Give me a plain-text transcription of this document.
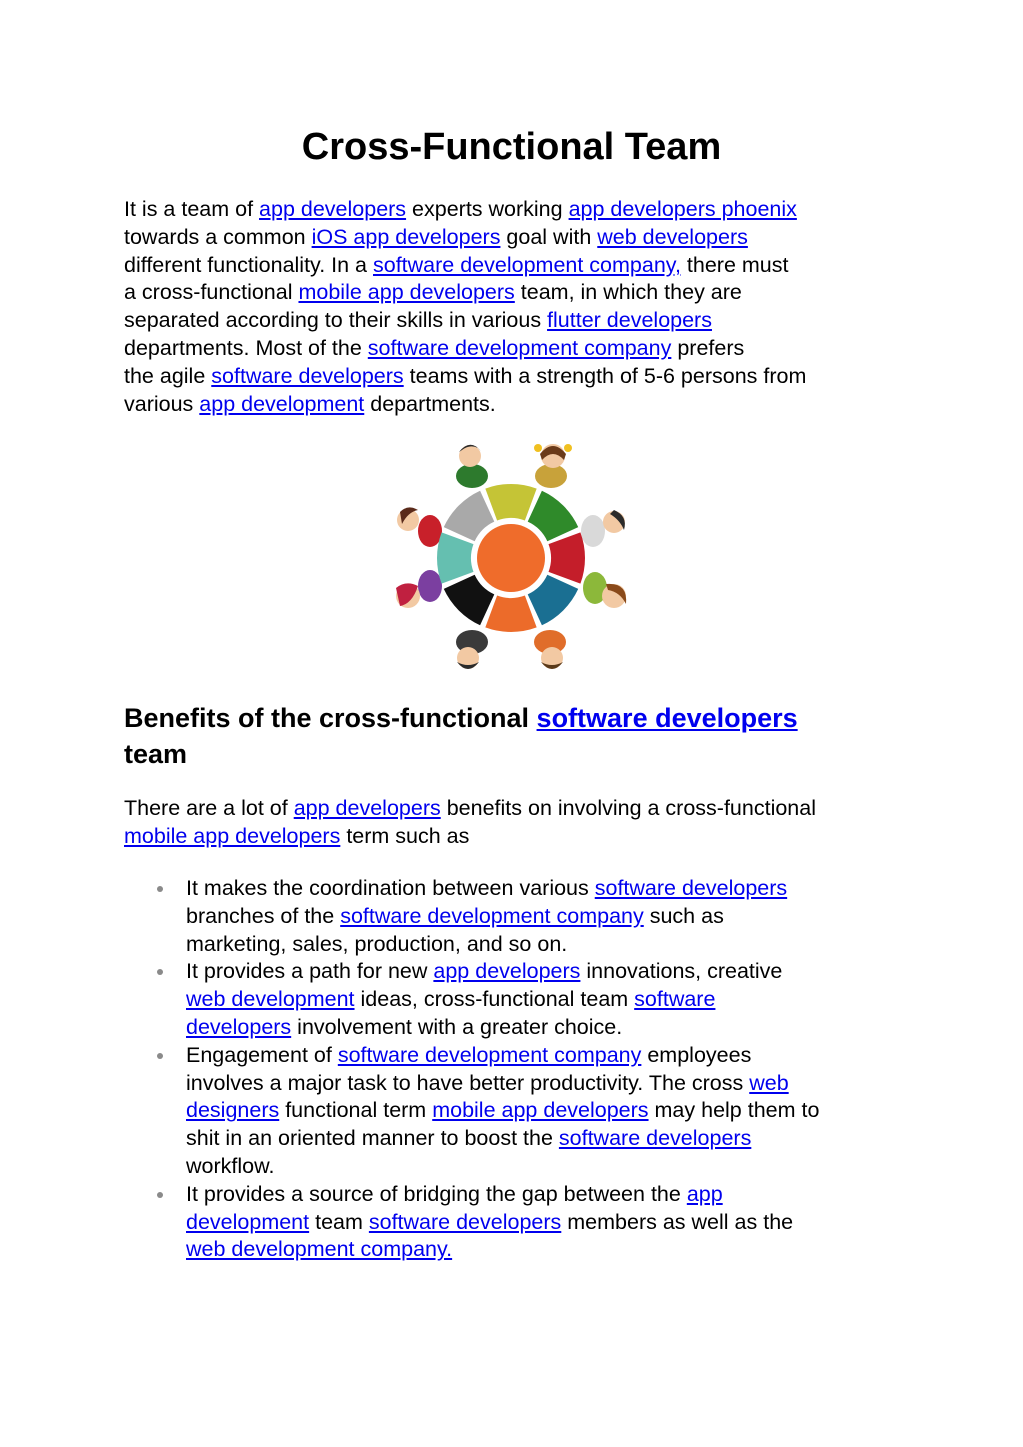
Cross-Functional Team

It is a team of app developers experts working app developers phoenix
towards a common iOS app developers goal with web developers
different functionality. In a software development company, there must
a cross-functional mobile app developers team, in which they are
separated according to their skills in various flutter developers
departments. Most of the software development company prefers
the agile software developers teams with a strength of 5-6 persons from
various app development departments.

Benefits of the cross-functional software developers
team

There are a lot of app developers benefits on involving a cross-functional
mobile app developers term such as

It makes the coordination between various software developers
branches of the software development company such as
marketing, sales, production, and so on.
It provides a path for new app developers innovations, creative
web development ideas, cross-functional team software
developers involvement with a greater choice.
Engagement of software development company employees
involves a major task to have better productivity. The cross web
designers functional term mobile app developers may help them to
shit in an oriented manner to boost the software developers
workflow.
It provides a source of bridging the gap between the app
development team software developers members as well as the
web development company.
